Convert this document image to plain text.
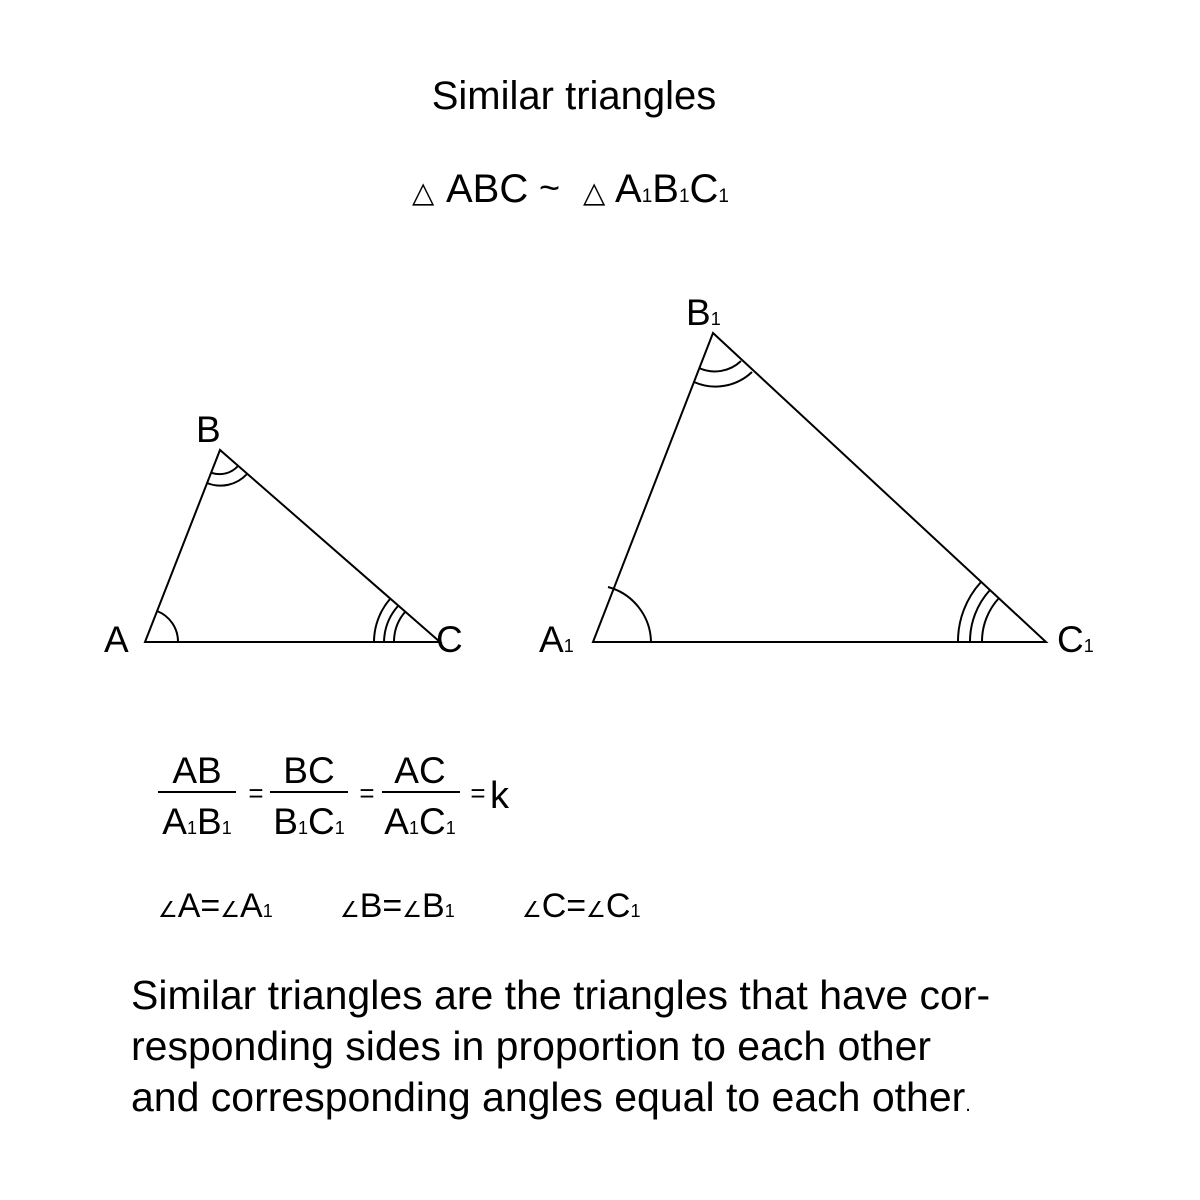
Similar triangles
△ ABC ~ △ A1B1C1
A
B
C A1
B1
C1
AB
A1B1
=
BC
B1C1
=
AC
A1C1
= k
∠A=∠A1	∠B=∠B1	∠C=∠C1
Similar triangles are the triangles that have cor-
responding sides in proportion to each other
and corresponding angles equal to each other.
